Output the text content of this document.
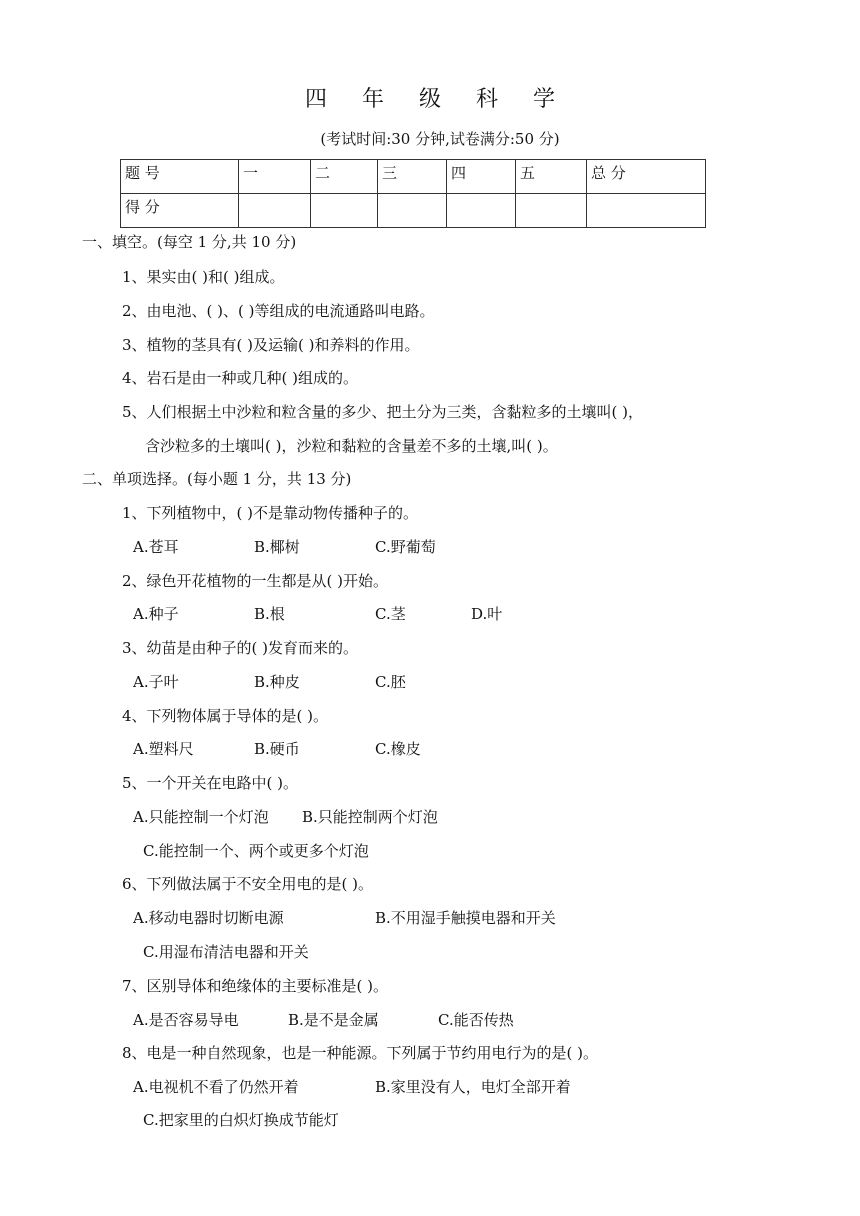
四 年 级 科 学
(考试时间:30 分钟,试卷满分:50 分)
题 号	一	二	三	四	五	总 分
得 分						
一、填空。(每空 1 分,共 10 分)
1、果实由( )和( )组成。
2、由电池、( )、( )等组成的电流通路叫电路。
3、植物的茎具有( )及运输( )和养料的作用。
4、岩石是由一种或几种( )组成的。
5、人们根据土中沙粒和粒含量的多少、把土分为三类，含黏粒多的土壤叫( )，
含沙粒多的土壤叫( )，沙粒和黏粒的含量差不多的土壤,叫( )。
二、单项选择。(每小题 1 分，共 13 分)
1、下列植物中，( )不是靠动物传播种子的。
A.苍耳	B.椰树	C.野葡萄
2、绿色开花植物的一生都是从( )开始。
A.种子	B.根	C.茎	D.叶
3、幼苗是由种子的( )发育而来的。
A.子叶	B.种皮	C.胚
4、下列物体属于导体的是( )。
A.塑料尺	B.硬币	C.橡皮
5、一个开关在电路中( )。
A.只能控制一个灯泡 B.只能控制两个灯泡
C.能控制一个、两个或更多个灯泡
6、下列做法属于不安全用电的是( )。
A.移动电器时切断电源	B.不用湿手触摸电器和开关
C.用湿布清洁电器和开关
7、区别导体和绝缘体的主要标准是( )。
A.是否容易导电	B.是不是金属	C.能否传热
8、电是一种自然现象，也是一种能源。下列属于节约用电行为的是( )。
A.电视机不看了仍然开着	B.家里没有人，电灯全部开着
C.把家里的白炽灯换成节能灯
